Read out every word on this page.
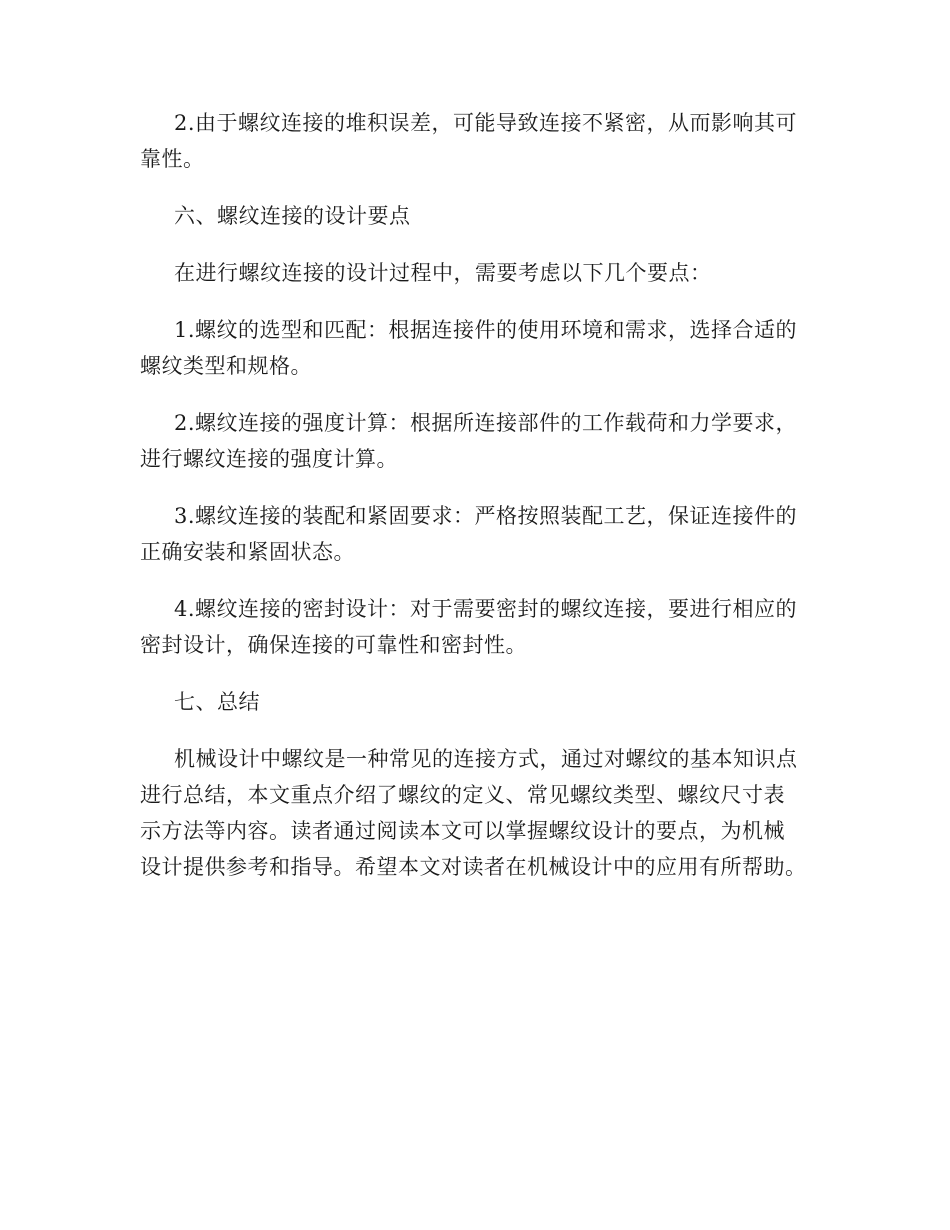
2.由于螺纹连接的堆积误差，可能导致连接不紧密，从而影响其可
靠性。
六、螺纹连接的设计要点
在进行螺纹连接的设计过程中，需要考虑以下几个要点：
1.螺纹的选型和匹配：根据连接件的使用环境和需求，选择合适的
螺纹类型和规格。
2.螺纹连接的强度计算：根据所连接部件的工作载荷和力学要求，
进行螺纹连接的强度计算。
3.螺纹连接的装配和紧固要求：严格按照装配工艺，保证连接件的
正确安装和紧固状态。
4.螺纹连接的密封设计：对于需要密封的螺纹连接，要进行相应的
密封设计，确保连接的可靠性和密封性。
七、总结
机械设计中螺纹是一种常见的连接方式，通过对螺纹的基本知识点
进行总结，本文重点介绍了螺纹的定义、常见螺纹类型、螺纹尺寸表
示方法等内容。读者通过阅读本文可以掌握螺纹设计的要点，为机械
设计提供参考和指导。希望本文对读者在机械设计中的应用有所帮助。
